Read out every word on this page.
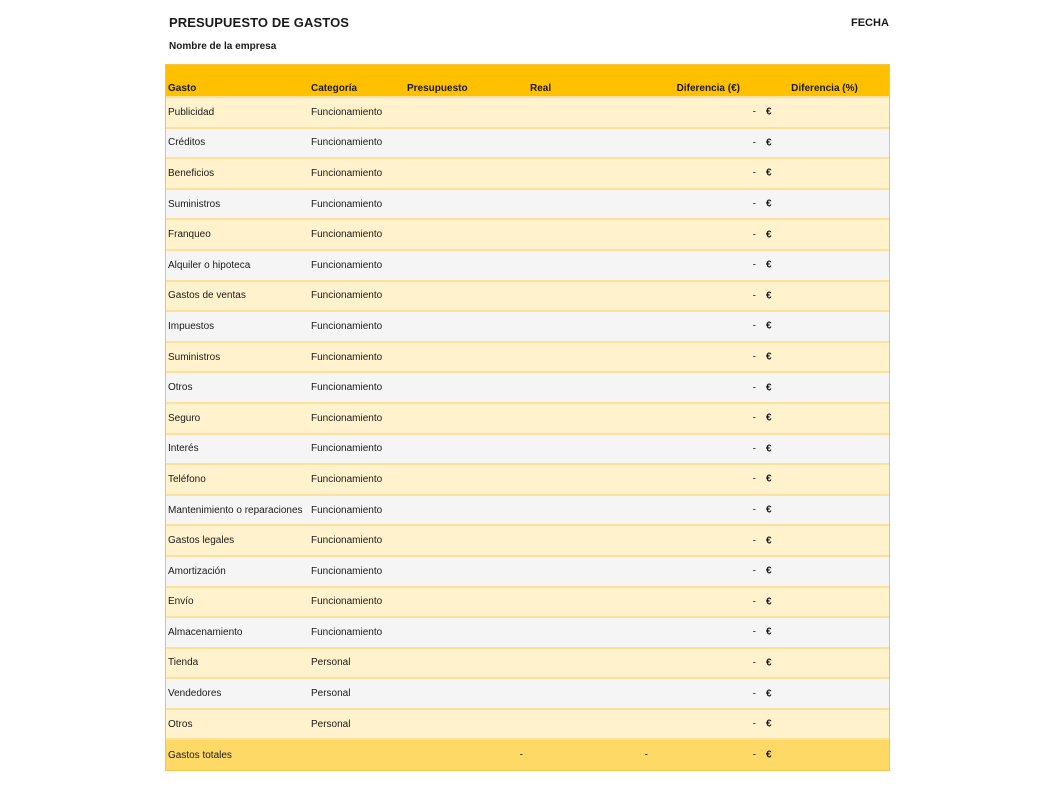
PRESUPUESTO DE GASTOS	FECHA
Nombre de la empresa
Gasto	Categoría	Presupuesto	Real	Diferencia (€)	Diferencia (%)
Publicidad	Funcionamiento			-	€

Créditos	Funcionamiento			-	€

Beneficios	Funcionamiento			-	€

Suministros	Funcionamiento			-	€

Franqueo	Funcionamiento			-	€

Alquiler o hipoteca	Funcionamiento			-	€

Gastos de ventas	Funcionamiento			-	€

Impuestos	Funcionamiento			-	€

Suministros	Funcionamiento			-	€

Otros	Funcionamiento			-	€

Seguro	Funcionamiento			-	€

Interés	Funcionamiento			-	€

Teléfono	Funcionamiento			-	€

Mantenimiento o reparaciones	Funcionamiento			-	€

Gastos legales	Funcionamiento			-	€

Amortización	Funcionamiento			-	€

Envío	Funcionamiento			-	€

Almacenamiento	Funcionamiento			-	€

Tienda	Personal			-	€

Vendedores	Personal			-	€

Otros	Personal			-	€

Gastos totales		-	-	-	€
